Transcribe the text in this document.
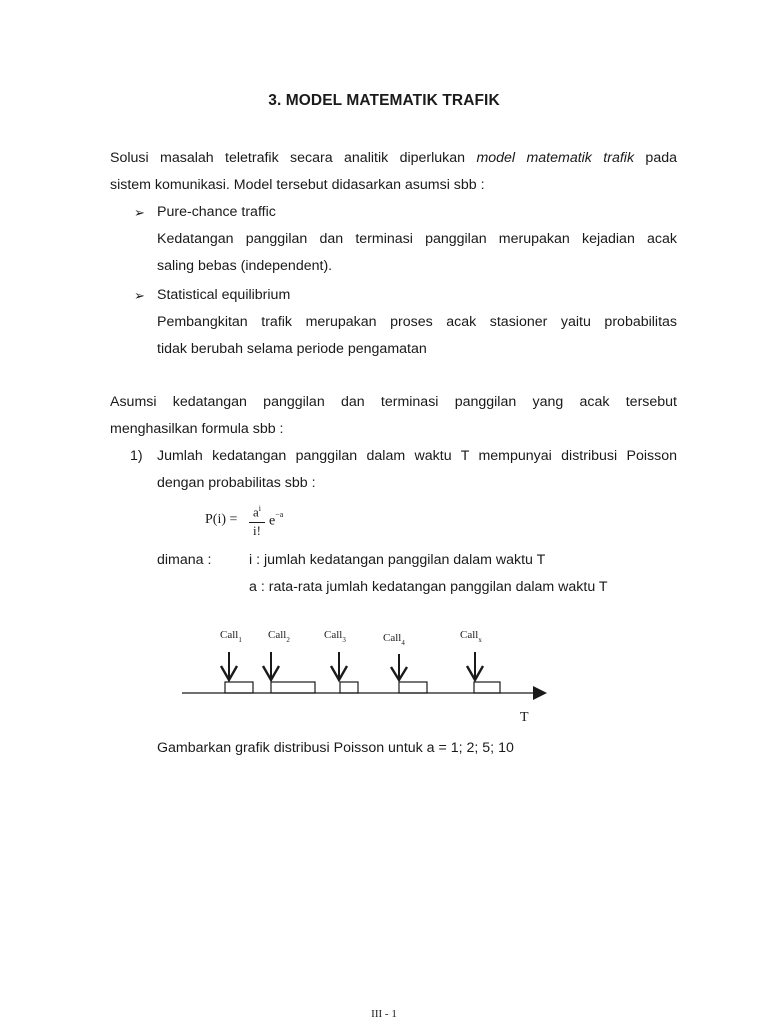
3. MODEL MATEMATIK TRAFIK
Solusi masalah teletrafik secara analitik diperlukan model matematik trafik pada
sistem komunikasi. Model tersebut didasarkan asumsi sbb :
➢ Pure-chance traffic
Kedatangan panggilan dan terminasi panggilan merupakan kejadian acak
saling bebas (independent).
➢ Statistical equilibrium
Pembangkitan trafik merupakan proses acak stasioner yaitu probabilitas
tidak berubah selama periode pengamatan
Asumsi kedatangan panggilan dan terminasi panggilan yang acak tersebut
menghasilkan formula sbb :
1) Jumlah kedatangan panggilan dalam waktu T mempunyai distribusi Poisson
dengan probabilitas sbb :
P(i) =
$a^i$
i!
$e^{-a}$
dimana :	i : jumlah kedatangan panggilan dalam waktu T
a : rata-rata jumlah kedatangan panggilan dalam waktu T
Call$_1$ Call$_2$	Call$_3$	Call$_4$
Call$_x$
T
Gambarkan grafik distribusi Poisson untuk a = 1; 2; 5; 10
III - 1
